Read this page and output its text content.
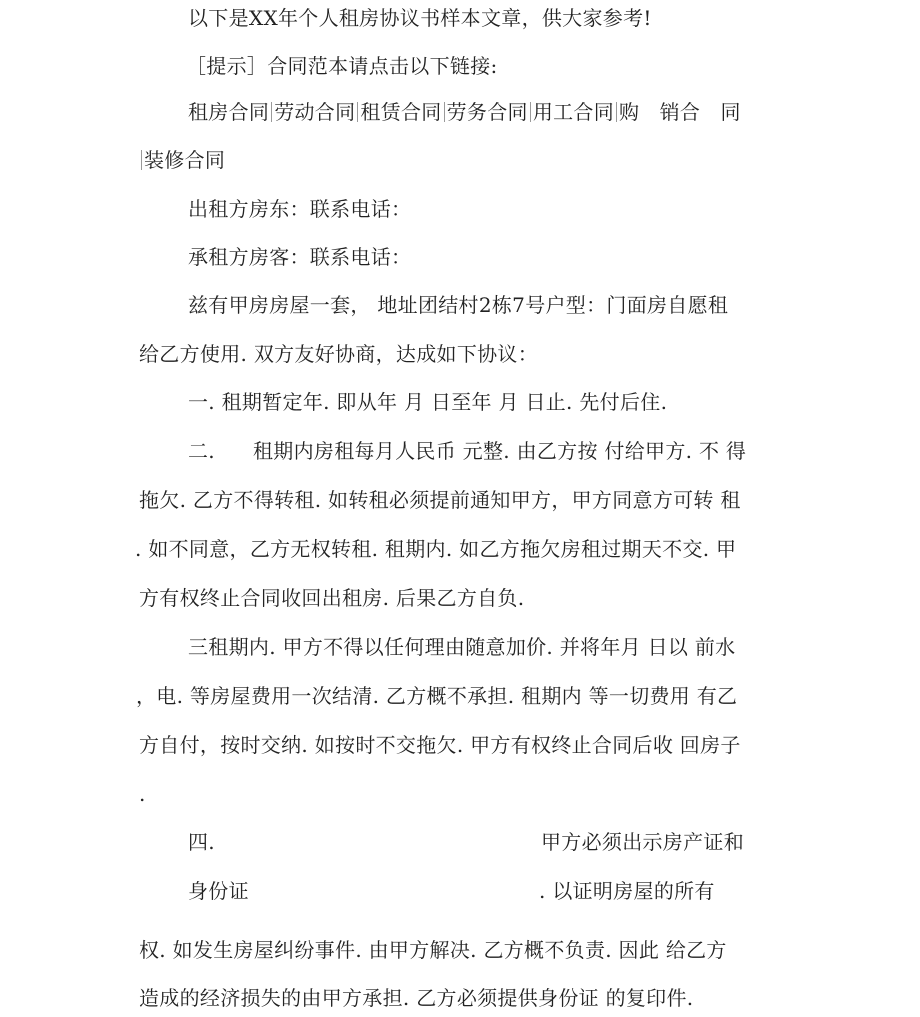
以下是XX年个人租房协议书样本文章，供大家参考!
［提示］合同范本请点击以下链接:
租房合同 劳动合同 租赁合同 劳务合同 用工合同 购　销合　同
装修合同
出租方房东：联系电话：
承租方房客：联系电话：
兹有甲房房屋一套， 地址团结村2栋7号户型：门面房自愿租
给乙方使用. 双方友好协商，达成如下协议：
一. 租期暂定年. 即从年 月 日至年 月 日止. 先付后住.
二. 租期内房租每月人民币 元整. 由乙方按 付给甲方. 不 得
拖欠. 乙方不得转租. 如转租必须提前通知甲方，甲方同意方可转 租
. 如不同意，乙方无权转租. 租期内. 如乙方拖欠房租过期天不交. 甲
方有权终止合同收回出租房. 后果乙方自负.
三租期内. 甲方不得以任何理由随意加价. 并将年月 日以 前水
，电. 等房屋费用一次结清. 乙方概不承担. 租期内 等一切费用 有乙
方自付，按时交纳. 如按时不交拖欠. 甲方有权终止合同后收 回房子
.
四.	甲方必须出示房产证和
身份证	. 以证明房屋的所有
权. 如发生房屋纠纷事件. 由甲方解决. 乙方概不负责. 因此 给乙方
造成的经济损失的由甲方承担. 乙方必须提供身份证 的复印件.
